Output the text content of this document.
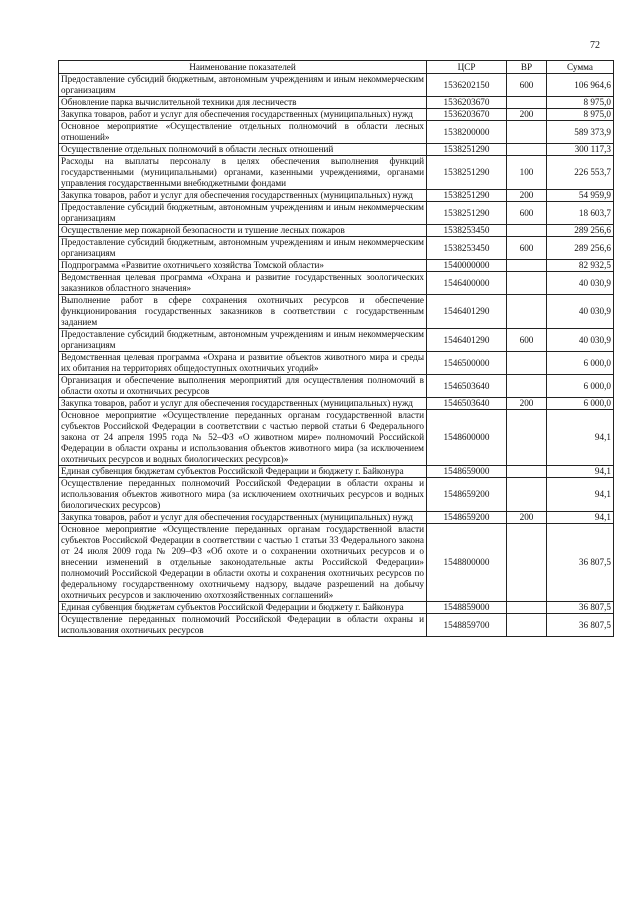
72
Наименование показателей	ЦСР	ВР	Сумма
Предоставление субсидий бюджетным, автономным учреждениям и иным некоммерческим организациям	1536202150	600	106 964,6
Обновление парка вычислительной техники для лесничеств	1536203670		8 975,0
Закупка товаров, работ и услуг для обеспечения государственных (муниципальных) нужд	1536203670	200	8 975,0
Основное мероприятие «Осуществление отдельных полномочий в области лесных отношений»	1538200000		589 373,9
Осуществление отдельных полномочий в области лесных отношений	1538251290		300 117,3
Расходы на выплаты персоналу в целях обеспечения выполнения функций государственными (муниципальными) органами, казенными учреждениями, органами управления государственными внебюджетными фондами	1538251290	100	226 553,7
Закупка товаров, работ и услуг для обеспечения государственных (муниципальных) нужд	1538251290	200	54 959,9
Предоставление субсидий бюджетным, автономным учреждениям и иным некоммерческим организациям	1538251290	600	18 603,7
Осуществление мер пожарной безопасности и тушение лесных пожаров	1538253450		289 256,6
Предоставление субсидий бюджетным, автономным учреждениям и иным некоммерческим организациям	1538253450	600	289 256,6
Подпрограмма «Развитие охотничьего хозяйства Томской области»	1540000000		82 932,5
Ведомственная целевая программа «Охрана и развитие государственных зоологических заказников областного значения»	1546400000		40 030,9
Выполнение работ в сфере сохранения охотничьих ресурсов и обеспечение функционирования государственных заказников в соответствии с государственным заданием	1546401290		40 030,9
Предоставление субсидий бюджетным, автономным учреждениям и иным некоммерческим организациям	1546401290	600	40 030,9
Ведомственная целевая программа «Охрана и развитие объектов животного мира и среды их обитания на территориях общедоступных охотничьих угодий»	1546500000		6 000,0
Организация и обеспечение выполнения мероприятий для осуществления полномочий в области охоты и охотничьих ресурсов	1546503640		6 000,0
Закупка товаров, работ и услуг для обеспечения государственных (муниципальных) нужд	1546503640	200	6 000,0
Основное мероприятие «Осуществление переданных органам государственной власти субъектов Российской Федерации в соответствии с частью первой статьи 6 Федерального закона от 24 апреля 1995 года № 52–ФЗ «О животном мире» полномочий Российской Федерации в области охраны и использования объектов животного мира (за исключением охотничьих ресурсов и водных биологических ресурсов)»	1548600000		94,1
Единая субвенция бюджетам субъектов Российской Федерации и бюджету г. Байконура	1548659000		94,1
Осуществление переданных полномочий Российской Федерации в области охраны и использования объектов животного мира (за исключением охотничьих ресурсов и водных биологических ресурсов)	1548659200		94,1
Закупка товаров, работ и услуг для обеспечения государственных (муниципальных) нужд	1548659200	200	94,1
Основное мероприятие «Осуществление переданных органам государственной власти субъектов Российской Федерации в соответствии с частью 1 статьи 33 Федерального закона от 24 июля 2009 года № 209–ФЗ «Об охоте и о сохранении охотничьих ресурсов и о внесении изменений в отдельные законодательные акты Российской Федерации» полномочий Российской Федерации в области охоты и сохранения охотничьих ресурсов по федеральному государственному охотничьему надзору, выдаче разрешений на добычу охотничьих ресурсов и заключению охотхозяйственных соглашений»	1548800000		36 807,5
Единая субвенция бюджетам субъектов Российской Федерации и бюджету г. Байконура	1548859000		36 807,5
Осуществление переданных полномочий Российской Федерации в области охраны и использования охотничьих ресурсов	1548859700		36 807,5
